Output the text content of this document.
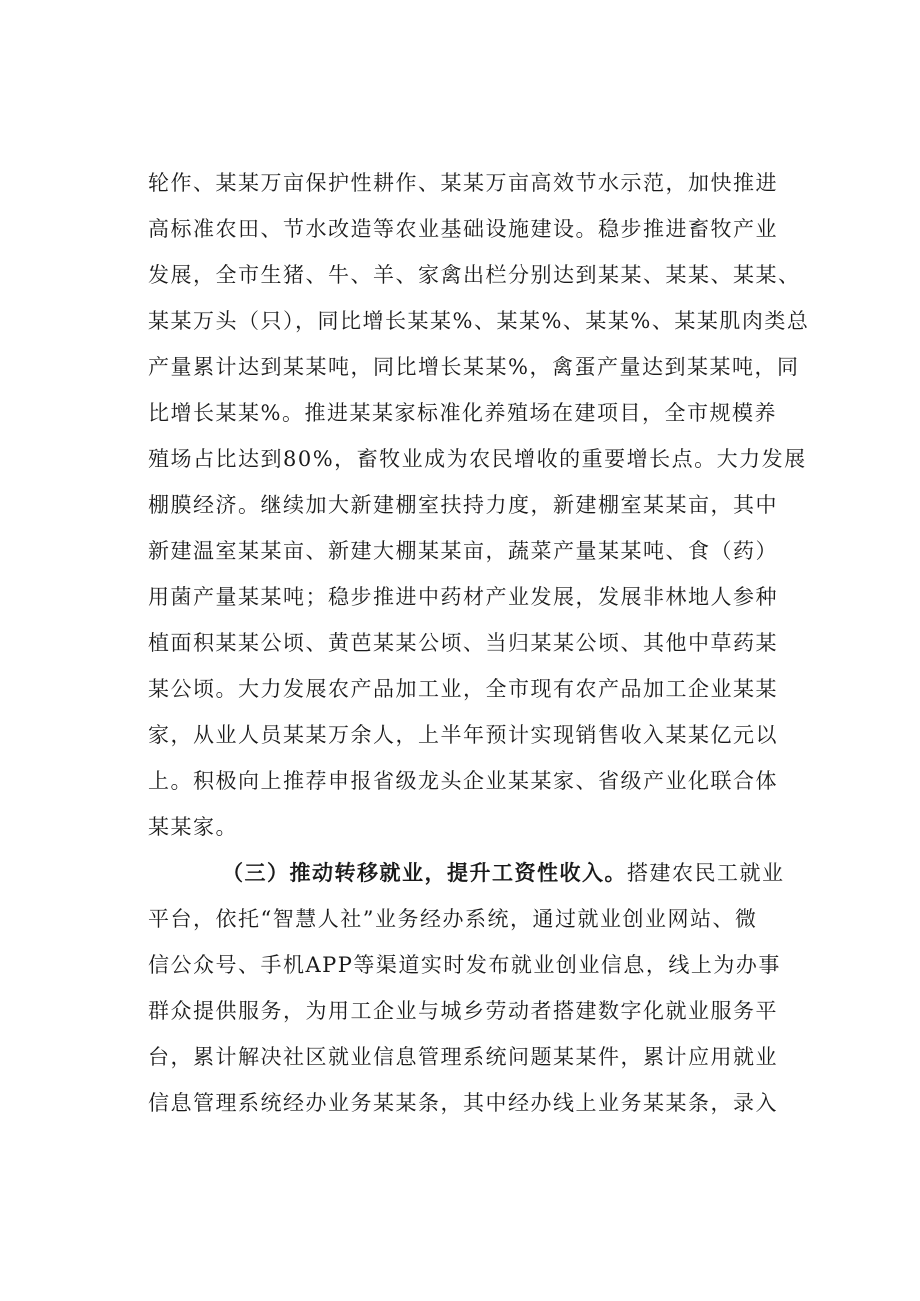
轮作、某某万亩保护性耕作、某某万亩高效节水示范，加快推进
高标准农田、节水改造等农业基础设施建设。稳步推进畜牧产业
发展，全市生猪、牛、羊、家禽出栏分别达到某某、某某、某某、
某某万头（只），同比增长某某%、某某%、某某%、某某肌肉类总
产量累计达到某某吨，同比增长某某%，禽蛋产量达到某某吨，同
比增长某某%。推进某某家标准化养殖场在建项目，全市规模养
殖场占比达到80%，畜牧业成为农民增收的重要增长点。大力发展
棚膜经济。继续加大新建棚室扶持力度，新建棚室某某亩，其中
新建温室某某亩、新建大棚某某亩，蔬菜产量某某吨、食（药）
用菌产量某某吨；稳步推进中药材产业发展，发展非林地人参种
植面积某某公顷、黄芭某某公顷、当归某某公顷、其他中草药某
某公顷。大力发展农产品加工业，全市现有农产品加工企业某某
家，从业人员某某万余人，上半年预计实现销售收入某某亿元以
上。积极向上推荐申报省级龙头企业某某家、省级产业化联合体
某某家。
（三）推动转移就业，提升工资性收入。搭建农民工就业
平台，依托“智慧人社”业务经办系统，通过就业创业网站、微
信公众号、手机APP等渠道实时发布就业创业信息，线上为办事
群众提供服务，为用工企业与城乡劳动者搭建数字化就业服务平
台，累计解决社区就业信息管理系统问题某某件，累计应用就业
信息管理系统经办业务某某条，其中经办线上业务某某条，录入
